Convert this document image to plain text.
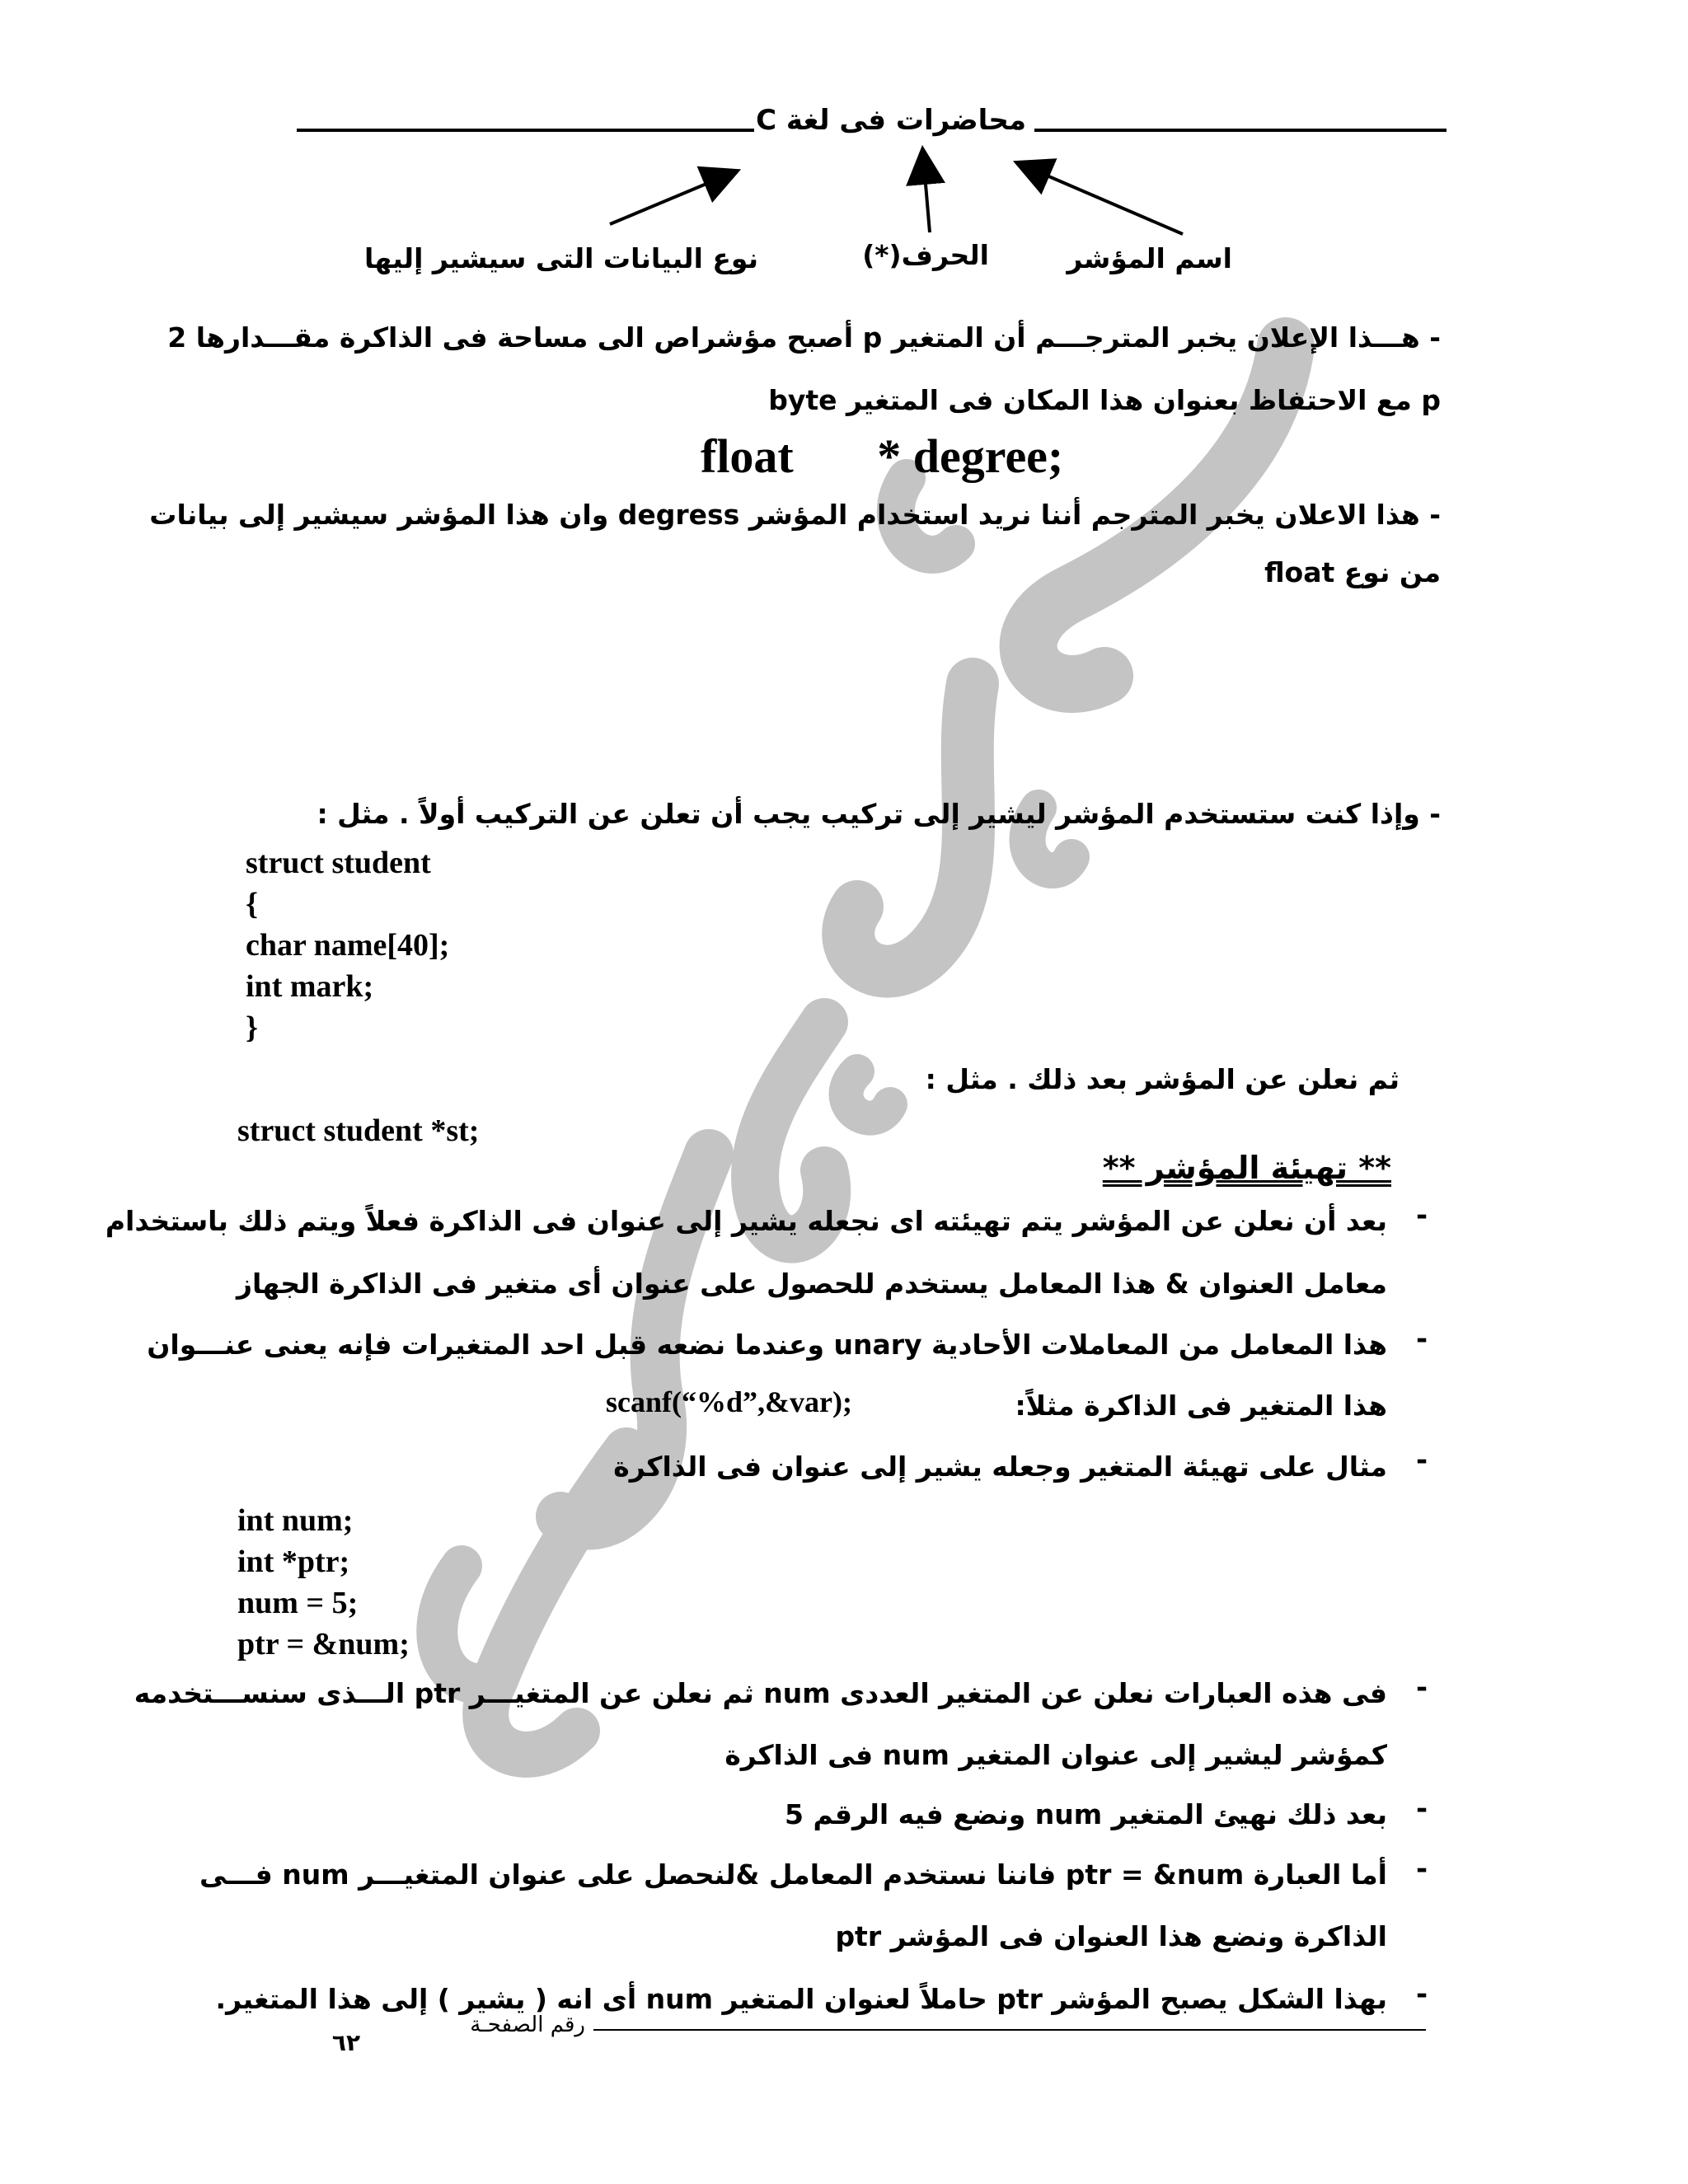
محاضرات فى لغة C
اسم المؤشر
الحرف(*)
نوع البيانات التى سيشير إليها
- هـــذا الإعلان يخبر المترجـــم أن المتغير p أصبح مؤشراص الى مساحة فى الذاكرة مقـــدارها 2
byte مع الاحتفاظ بعنوان هذا المكان فى المتغير p
float       * degree;
- هذا الاعلان يخبر المترجم أننا نريد استخدام المؤشر degress وان هذا المؤشر سيشير إلى بيانات
من نوع float
- وإذا كنت ستستخدم المؤشر ليشير إلى تركيب يجب أن تعلن عن التركيب أولاً . مثل :
struct student
{
char name[40];
int mark;
}
ثم نعلن عن المؤشر بعد ذلك . مثل :
struct student *st;
** تهيئة المؤشر **
-
بعد أن نعلن عن المؤشر يتم تهيئته اى نجعله يشير إلى عنوان فى الذاكرة فعلاً ويتم ذلك باستخدام
معامل العنوان & هذا المعامل يستخدم للحصول على عنوان أى متغير فى الذاكرة الجهاز
-
هذا المعامل من المعاملات الأحادية unary وعندما نضعه قبل احد المتغيرات فإنه يعنى عنـــوان
هذا المتغير فى الذاكرة مثلاً:
scanf(“%d”,&var);
-
مثال على تهيئة المتغير وجعله يشير إلى عنوان فى الذاكرة
int num;
int *ptr;
num = 5;
ptr = &num;
-
فى هذه العبارات نعلن عن المتغير العددى num ثم نعلن عن المتغيـــر ptr الـــذى سنســـتخدمه
كمؤشر ليشير إلى عنوان المتغير num فى الذاكرة
-
بعد ذلك نهيئ المتغير num ونضع فيه الرقم 5
-
أما العبارة ptr = &num فاننا نستخدم المعامل &لنحصل على عنوان المتغيـــر num فـــى
الذاكرة ونضع هذا العنوان فى المؤشر ptr
-
بهذا الشكل يصبح المؤشر ptr حاملاً لعنوان المتغير num أى انه ( يشير ) إلى هذا المتغير.
رقم الصفحـة
٦٢
